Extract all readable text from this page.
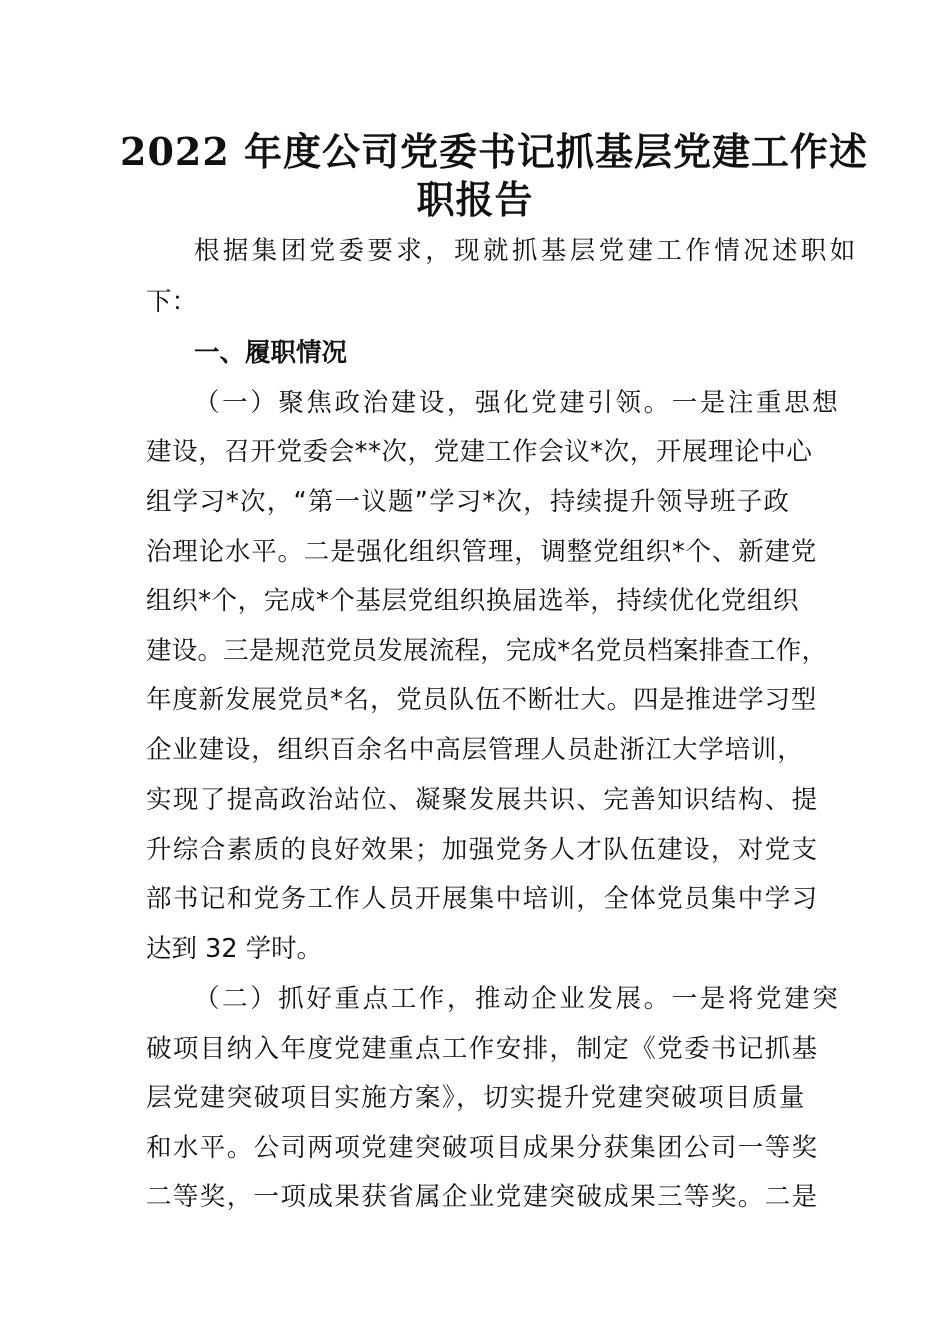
2022 年度公司党委书记抓基层党建工作述
职报告
根据集团党委要求，现就抓基层党建工作情况述职如
下：
一、履职情况
（一）聚焦政治建设，强化党建引领。一是注重思想
建设，召开党委会**次，党建工作会议*次，开展理论中心
组学习*次，“第一议题”学习*次，持续提升领导班子政
治理论水平。二是强化组织管理，调整党组织*个、新建党
组织*个，完成*个基层党组织换届选举，持续优化党组织
建设。三是规范党员发展流程，完成*名党员档案排查工作，
年度新发展党员*名，党员队伍不断壮大。四是推进学习型
企业建设，组织百余名中高层管理人员赴浙江大学培训，
实现了提高政治站位、凝聚发展共识、完善知识结构、提
升综合素质的良好效果；加强党务人才队伍建设，对党支
部书记和党务工作人员开展集中培训，全体党员集中学习
达到 32 学时。
（二）抓好重点工作，推动企业发展。一是将党建突
破项目纳入年度党建重点工作安排，制定《党委书记抓基
层党建突破项目实施方案》，切实提升党建突破项目质量
和水平。公司两项党建突破项目成果分获集团公司一等奖
二等奖，一项成果获省属企业党建突破成果三等奖。二是
